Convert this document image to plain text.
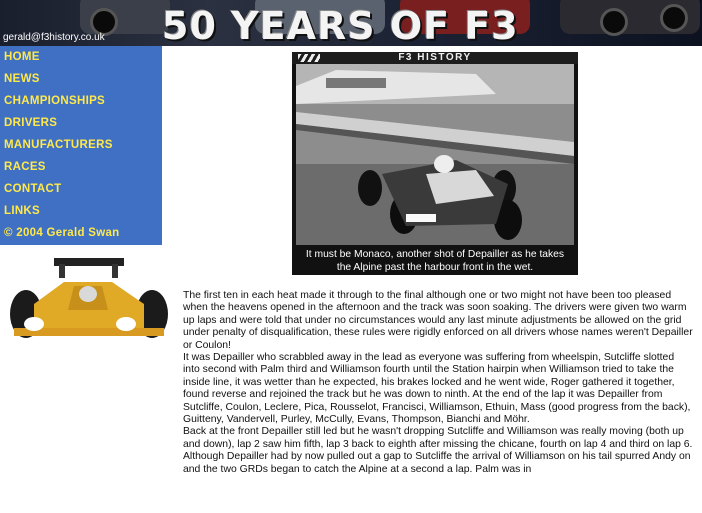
50 YEARS OF F3
gerald@f3history.co.uk
HOME
NEWS
CHAMPIONSHIPS
DRIVERS
MANUFACTURERS
RACES
CONTACT
LINKS
© 2004 Gerald Swan
F3 HISTORY
It must be Monaco, another shot of Depailler as he takes
the Alpine past the harbour front in the wet.

The first ten in each heat made it through to the final although one or two might not have been too pleased when the heavens opened in the afternoon and the track was soon soaking. The drivers were given two warm up laps and were told that under no circumstances would any last minute adjustments be allowed on the grid under penalty of disqualification, these rules were rigidly enforced on all drivers whose names weren't Depailler or Coulon!

It was Depailler who scrabbled away in the lead as everyone was suffering from wheelspin, Sutcliffe slotted into second with Palm third and Williamson fourth until the Station hairpin when Williamson tried to take the inside line, it was wetter than he expected, his brakes locked and he went wide, Roger gathered it together, found reverse and rejoined the track but he was down to ninth. At the end of the lap it was Depailler from Sutcliffe, Coulon, Leclere, Pica, Rousselot, Francisci, Williamson, Ethuin, Mass (good progress from the back), Guitteny, Vandervell, Purley, McCully, Evans, Thompson, Bianchi and Möhr.

Back at the front Depailler still led but he wasn't dropping Sutcliffe and Williamson was really moving (both up and down), lap 2 saw him fifth, lap 3 back to eighth after missing the chicane, fourth on lap 4 and third on lap 6. Although Depailler had by now pulled out a gap to Sutcliffe the arrival of Williamson on his tail spurred Andy on and the two GRDs began to catch the Alpine at a second a lap. Palm was in
